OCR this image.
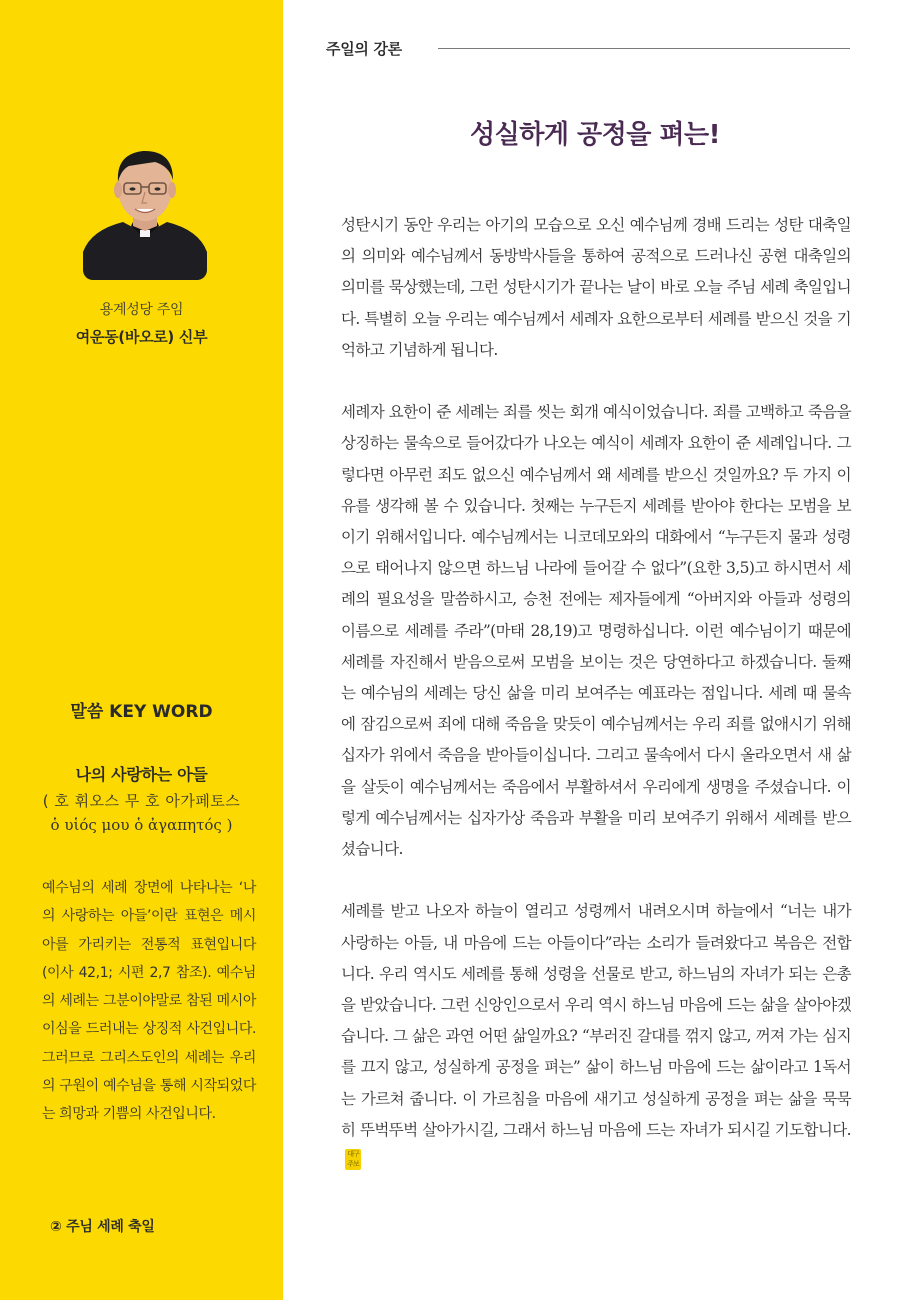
용계성당 주임
여운동(바오로) 신부
말씀 KEY WORD
나의 사랑하는 아들
( 호 휘오스 무 호 아가페토스
ὁ υἱός μου ὁ ἀγαπητός )
예수님의 세례 장면에 나타나는 ‘나의 사랑하는 아들’이란 표현은 메시아를 가리키는 전통적 표현입니다(이사 42,1; 시편 2,7 참조). 예수님의 세례는 그분이야말로 참된 메시아이심을 드러내는 상징적 사건입니다. 그러므로 그리스도인의 세례는 우리의 구원이 예수님을 통해 시작되었다는 희망과 기쁨의 사건입니다.
② 주님 세례 축일
주일의 강론
성실하게 공정을 펴는!

성탄시기 동안 우리는 아기의 모습으로 오신 예수님께 경배 드리는 성탄 대축일의 의미와 예수님께서 동방박사들을 통하여 공적으로 드러나신 공현 대축일의 의미를 묵상했는데, 그런 성탄시기가 끝나는 날이 바로 오늘 주님 세례 축일입니다. 특별히 오늘 우리는 예수님께서 세례자 요한으로부터 세례를 받으신 것을 기억하고 기념하게 됩니다.

세례자 요한이 준 세례는 죄를 씻는 회개 예식이었습니다. 죄를 고백하고 죽음을 상징하는 물속으로 들어갔다가 나오는 예식이 세례자 요한이 준 세례입니다. 그렇다면 아무런 죄도 없으신 예수님께서 왜 세례를 받으신 것일까요? 두 가지 이유를 생각해 볼 수 있습니다. 첫째는 누구든지 세례를 받아야 한다는 모범을 보이기 위해서입니다. 예수님께서는 니코데모와의 대화에서 “누구든지 물과 성령으로 태어나지 않으면 하느님 나라에 들어갈 수 없다”(요한 3,5)고 하시면서 세례의 필요성을 말씀하시고, 승천 전에는 제자들에게 “아버지와 아들과 성령의 이름으로 세례를 주라”(마태 28,19)고 명령하십니다. 이런 예수님이기 때문에 세례를 자진해서 받음으로써 모범을 보이는 것은 당연하다고 하겠습니다. 둘째는 예수님의 세례는 당신 삶을 미리 보여주는 예표라는 점입니다. 세례 때 물속에 잠김으로써 죄에 대해 죽음을 맞듯이 예수님께서는 우리 죄를 없애시기 위해 십자가 위에서 죽음을 받아들이십니다. 그리고 물속에서 다시 올라오면서 새 삶을 살듯이 예수님께서는 죽음에서 부활하셔서 우리에게 생명을 주셨습니다. 이렇게 예수님께서는 십자가상 죽음과 부활을 미리 보여주기 위해서 세례를 받으셨습니다.

세례를 받고 나오자 하늘이 열리고 성령께서 내려오시며 하늘에서 “너는 내가 사랑하는 아들, 내 마음에 드는 아들이다”라는 소리가 들려왔다고 복음은 전합니다. 우리 역시도 세례를 통해 성령을 선물로 받고, 하느님의 자녀가 되는 은총을 받았습니다. 그런 신앙인으로서 우리 역시 하느님 마음에 드는 삶을 살아야겠습니다. 그 삶은 과연 어떤 삶일까요? “부러진 갈대를 꺾지 않고, 꺼져 가는 심지를 끄지 않고, 성실하게 공정을 펴는” 삶이 하느님 마음에 드는 삶이라고 1독서는 가르쳐 줍니다. 이 가르침을 마음에 새기고 성실하게 공정을 펴는 삶을 묵묵히 뚜벅뚜벅 살아가시길, 그래서 하느님 마음에 드는 자녀가 되시길 기도합니다.대구 주보
